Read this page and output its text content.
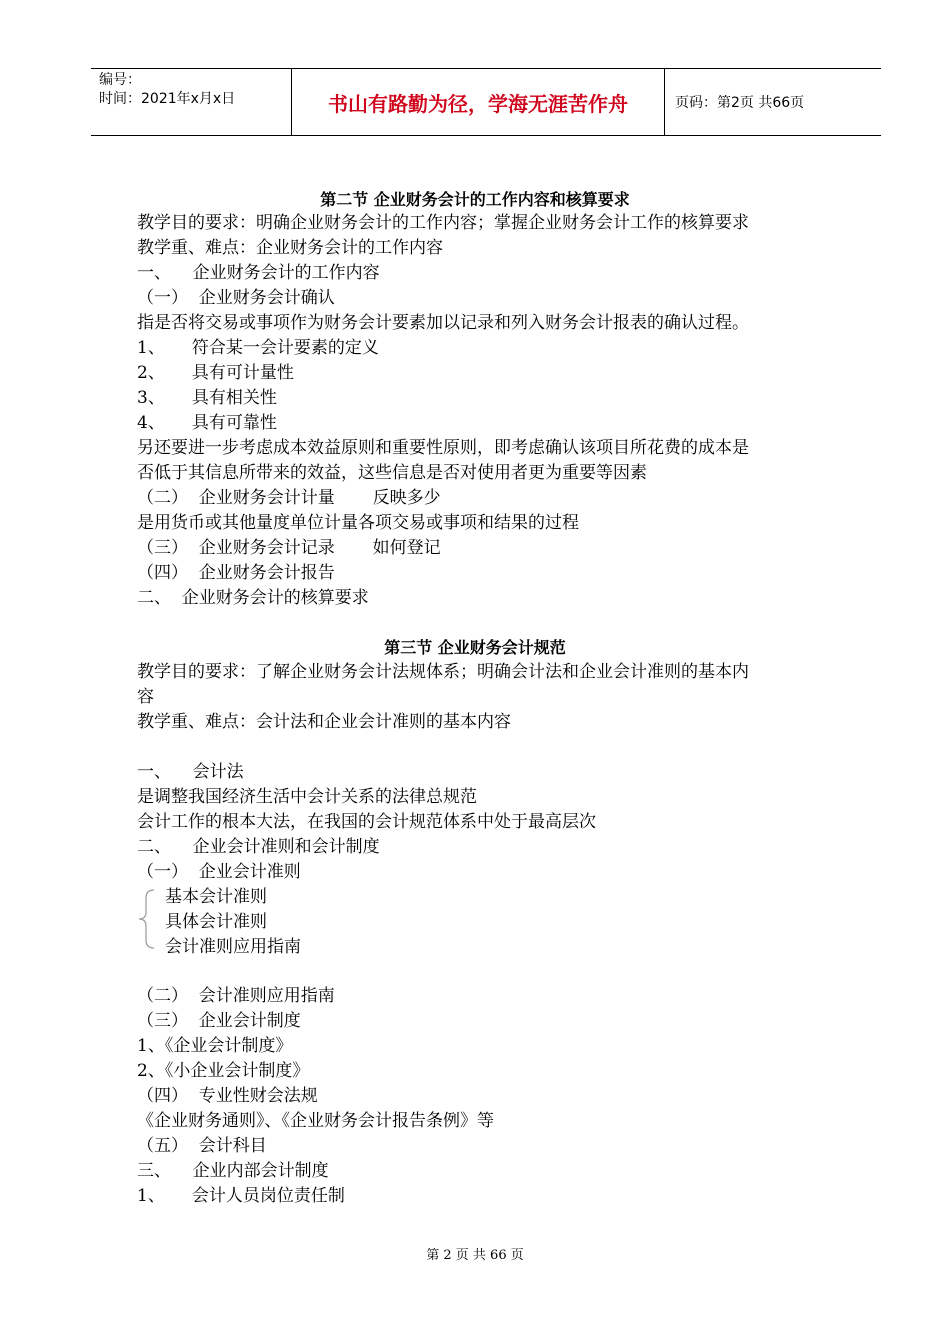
编号：
时间：2021年x月x日	书山有路勤为径，学海无涯苦作舟	页码：第2页 共66页
第二节 企业财务会计的工作内容和核算要求
教学目的要求：明确企业财务会计的工作内容；掌握企业财务会计工作的核算要求
教学重、难点：企业财务会计的工作内容
一、    企业财务会计的工作内容
（一）  企业财务会计确认
指是否将交易或事项作为财务会计要素加以记录和列入财务会计报表的确认过程。
1、     符合某一会计要素的定义
2、     具有可计量性
3、     具有相关性
4、     具有可靠性
另还要进一步考虑成本效益原则和重要性原则，即考虑确认该项目所花费的成本是
否低于其信息所带来的效益，这些信息是否对使用者更为重要等因素
（二）  企业财务会计计量       反映多少
是用货币或其他量度单位计量各项交易或事项和结果的过程
（三）  企业财务会计记录       如何登记
（四）  企业财务会计报告
二、  企业财务会计的核算要求
第三节 企业财务会计规范
教学目的要求：了解企业财务会计法规体系；明确会计法和企业会计准则的基本内
容
教学重、难点：会计法和企业会计准则的基本内容
一、    会计法
是调整我国经济生活中会计关系的法律总规范
会计工作的根本大法，在我国的会计规范体系中处于最高层次
二、    企业会计准则和会计制度
（一）  企业会计准则
基本会计准则
具体会计准则
会计准则应用指南
（二）  会计准则应用指南
（三）  企业会计制度
1、《企业会计制度》
2、《小企业会计制度》
（四）  专业性财会法规
《企业财务通则》、《企业财务会计报告条例》等
（五）  会计科目
三、    企业内部会计制度
1、     会计人员岗位责任制
第 2 页 共 66 页
